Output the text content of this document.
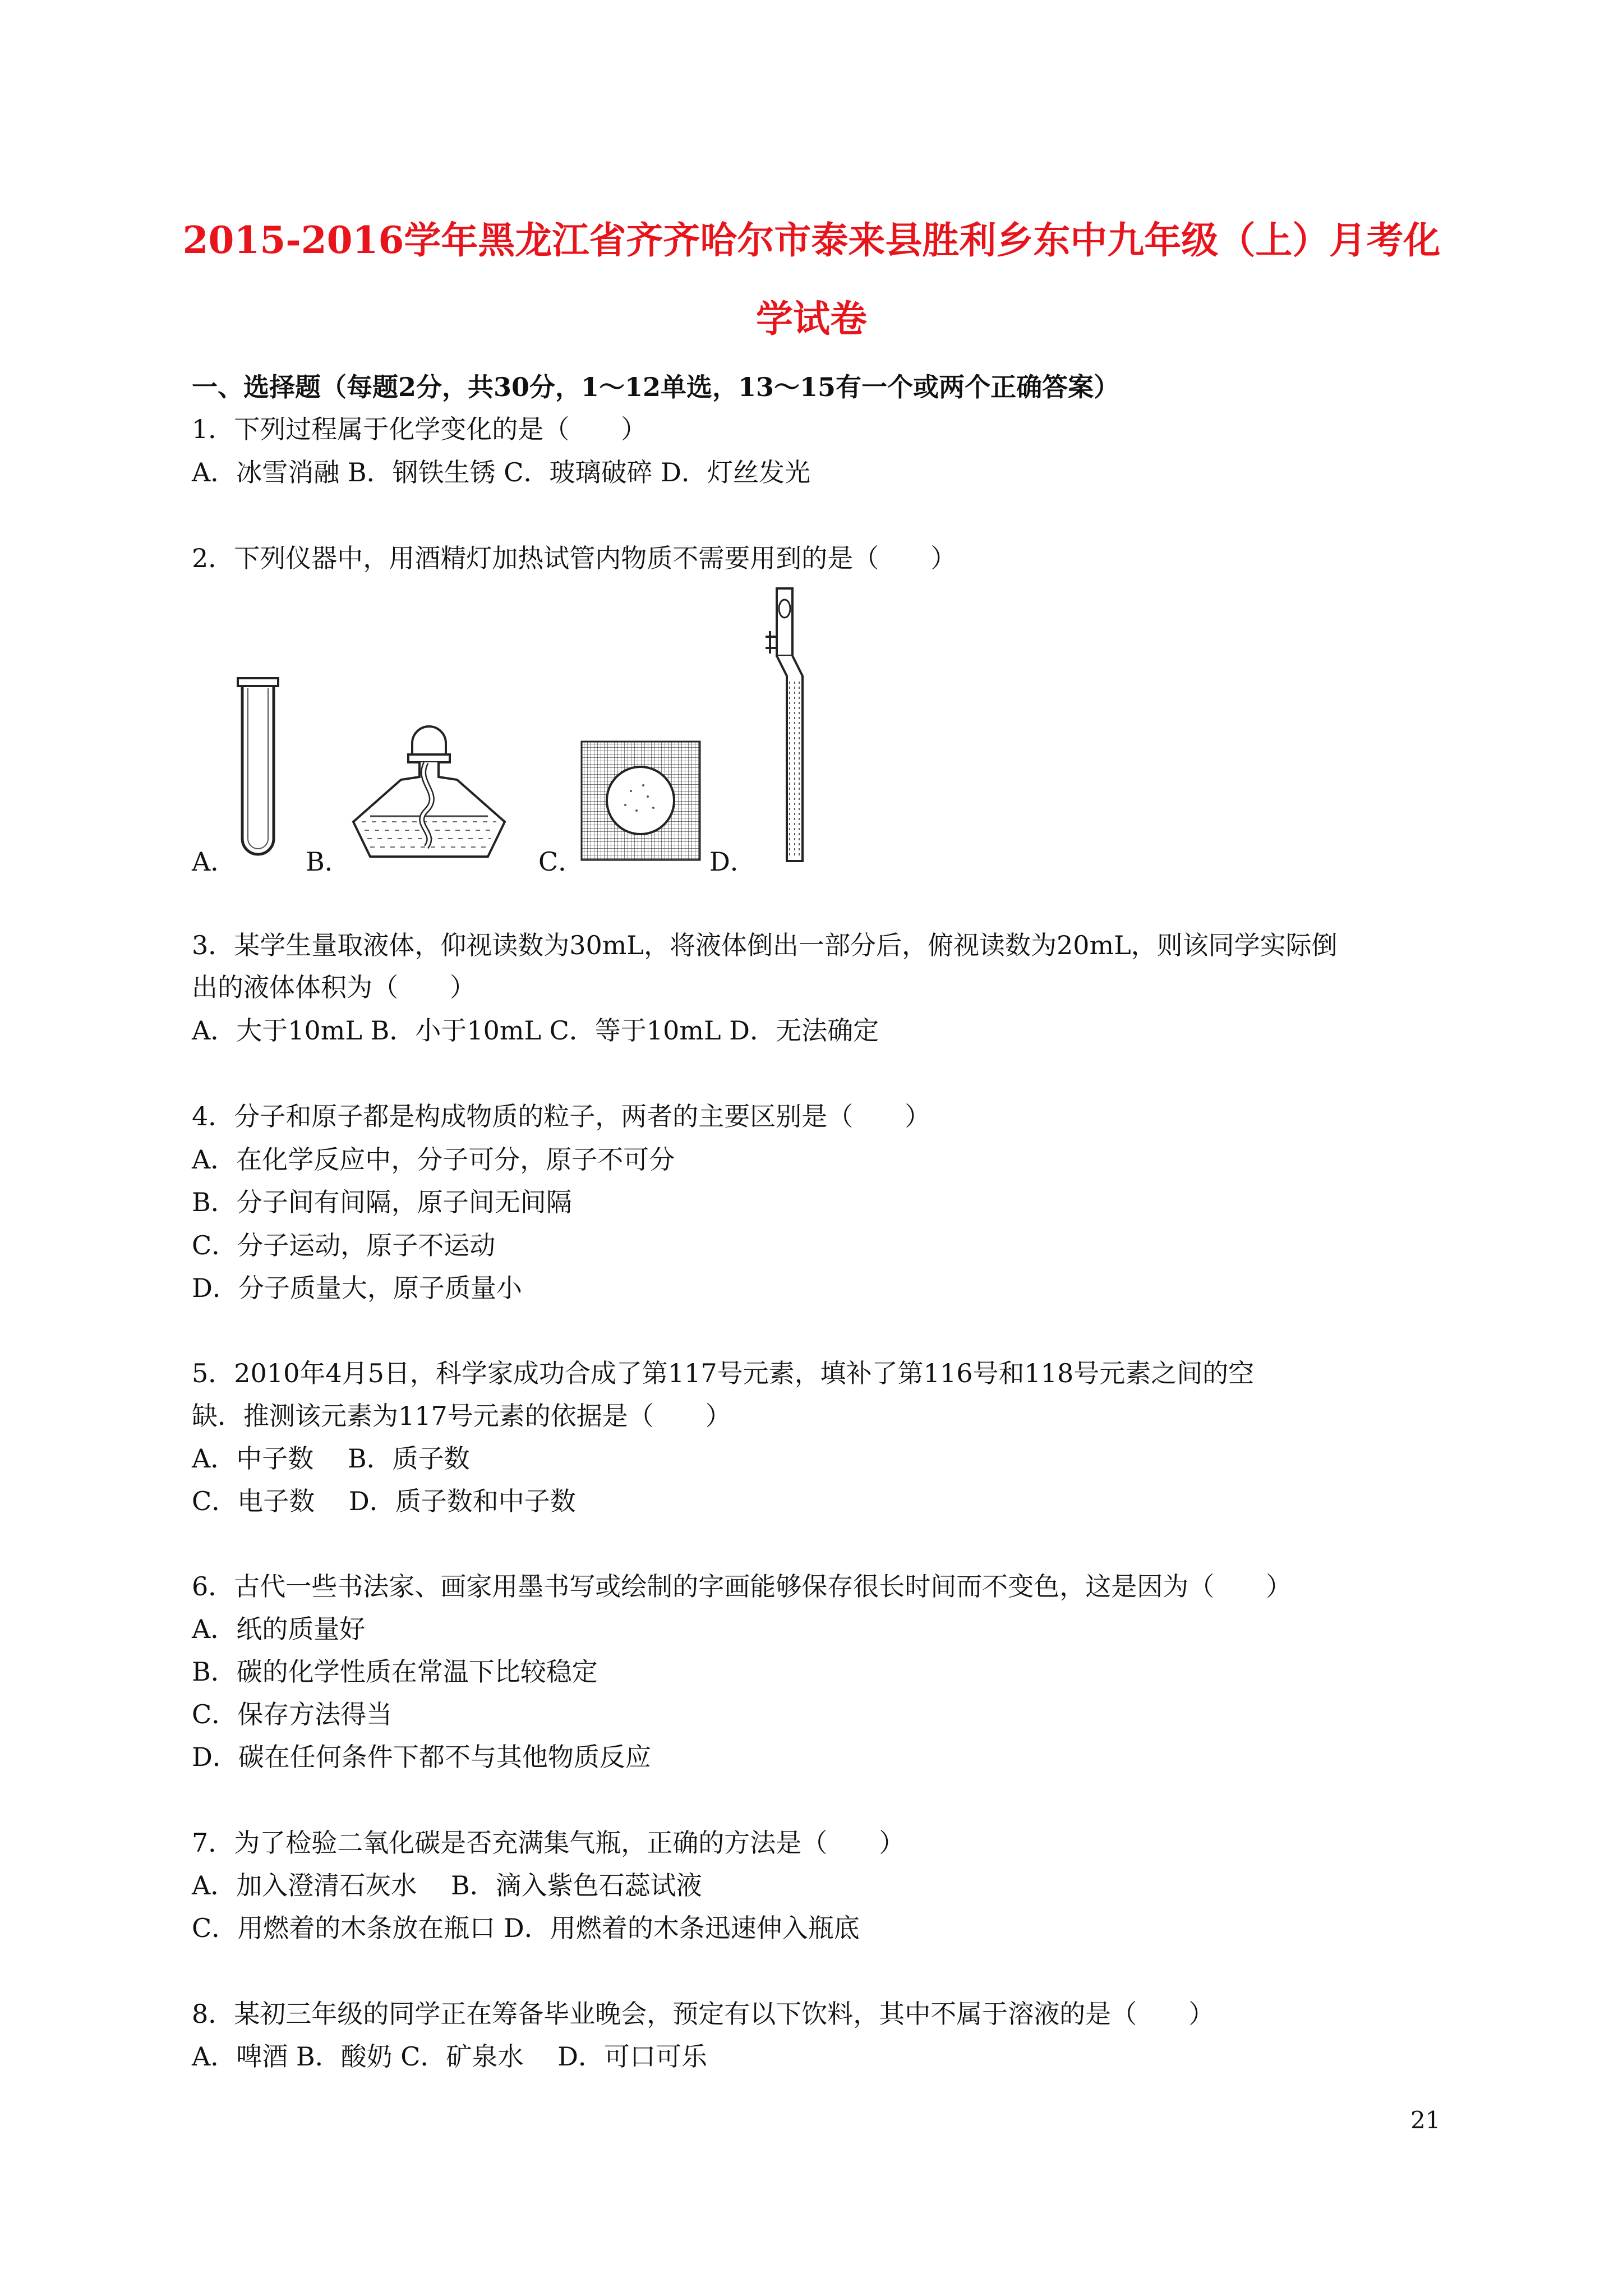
2015-2016学年黑龙江省齐齐哈尔市泰来县胜利乡东中九年级（上）月考化
学试卷
一、选择题（每题2分，共30分，1～12单选，13～15有一个或两个正确答案）
1．下列过程属于化学变化的是（　　）
A．冰雪消融 B．钢铁生锈 C．玻璃破碎 D．灯丝发光
2．下列仪器中，用酒精灯加热试管内物质不需要用到的是（　　）
A．	B．	C．	D．
3．某学生量取液体，仰视读数为30mL，将液体倒出一部分后，俯视读数为20mL，则该同学实际倒
出的液体体积为（　　）
A．大于10mL B．小于10mL C．等于10mL D．无法确定
4．分子和原子都是构成物质的粒子，两者的主要区别是（　　）
A．在化学反应中，分子可分，原子不可分
B．分子间有间隔，原子间无间隔
C．分子运动，原子不运动
D．分子质量大，原子质量小
5．2010年4月5日，科学家成功合成了第117号元素，填补了第116号和118号元素之间的空
缺．推测该元素为117号元素的依据是（　　）
A．中子数　 B．质子数
C．电子数　 D．质子数和中子数
6．古代一些书法家、画家用墨书写或绘制的字画能够保存很长时间而不变色，这是因为（　　）
A．纸的质量好
B．碳的化学性质在常温下比较稳定
C．保存方法得当
D．碳在任何条件下都不与其他物质反应
7．为了检验二氧化碳是否充满集气瓶，正确的方法是（　　）
A．加入澄清石灰水　 B．滴入紫色石蕊试液
C．用燃着的木条放在瓶口 D．用燃着的木条迅速伸入瓶底
8．某初三年级的同学正在筹备毕业晚会，预定有以下饮料，其中不属于溶液的是（　　）
A．啤酒 B．酸奶 C．矿泉水　 D．可口可乐
21
